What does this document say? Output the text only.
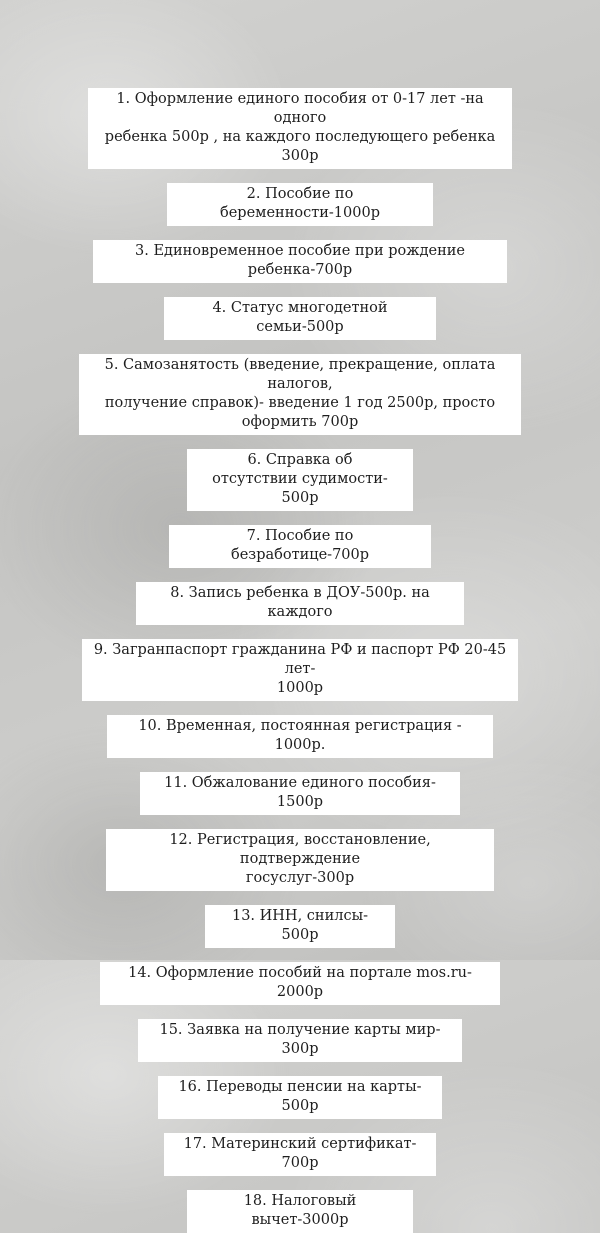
1. Оформление единого пособия от 0-17 лет -на одного
ребенка 500р , на каждого последующего ребенка 300р
2. Пособие по беременности-1000р
3. Единовременное пособие при рождение ребенка-700р
4. Статус многодетной семьи-500р
5. Самозанятость (введение, прекращение, оплата налогов,
получение справок)- введение 1 год 2500р, просто
оформить 700р
6. Справка об
отсутствии судимости- 500р
7. Пособие по безработице-700р
8. Запись ребенка в ДОУ-500р. на каждого
9. Загранпаспорт гражданина РФ и паспорт РФ 20-45 лет-
1000р
10. Временная, постоянная регистрация - 1000р.
11. Обжалование единого пособия- 1500р
12. Регистрация, восстановление, подтверждение
госуслуг-300р
13. ИНН, снилсы- 500р
14. Оформление пособий на портале mos.ru- 2000р
15. Заявка на получение карты мир- 300р
16. Переводы пенсии на карты- 500р
17. Материнский сертификат- 700р
18. Налоговый вычет-3000р
